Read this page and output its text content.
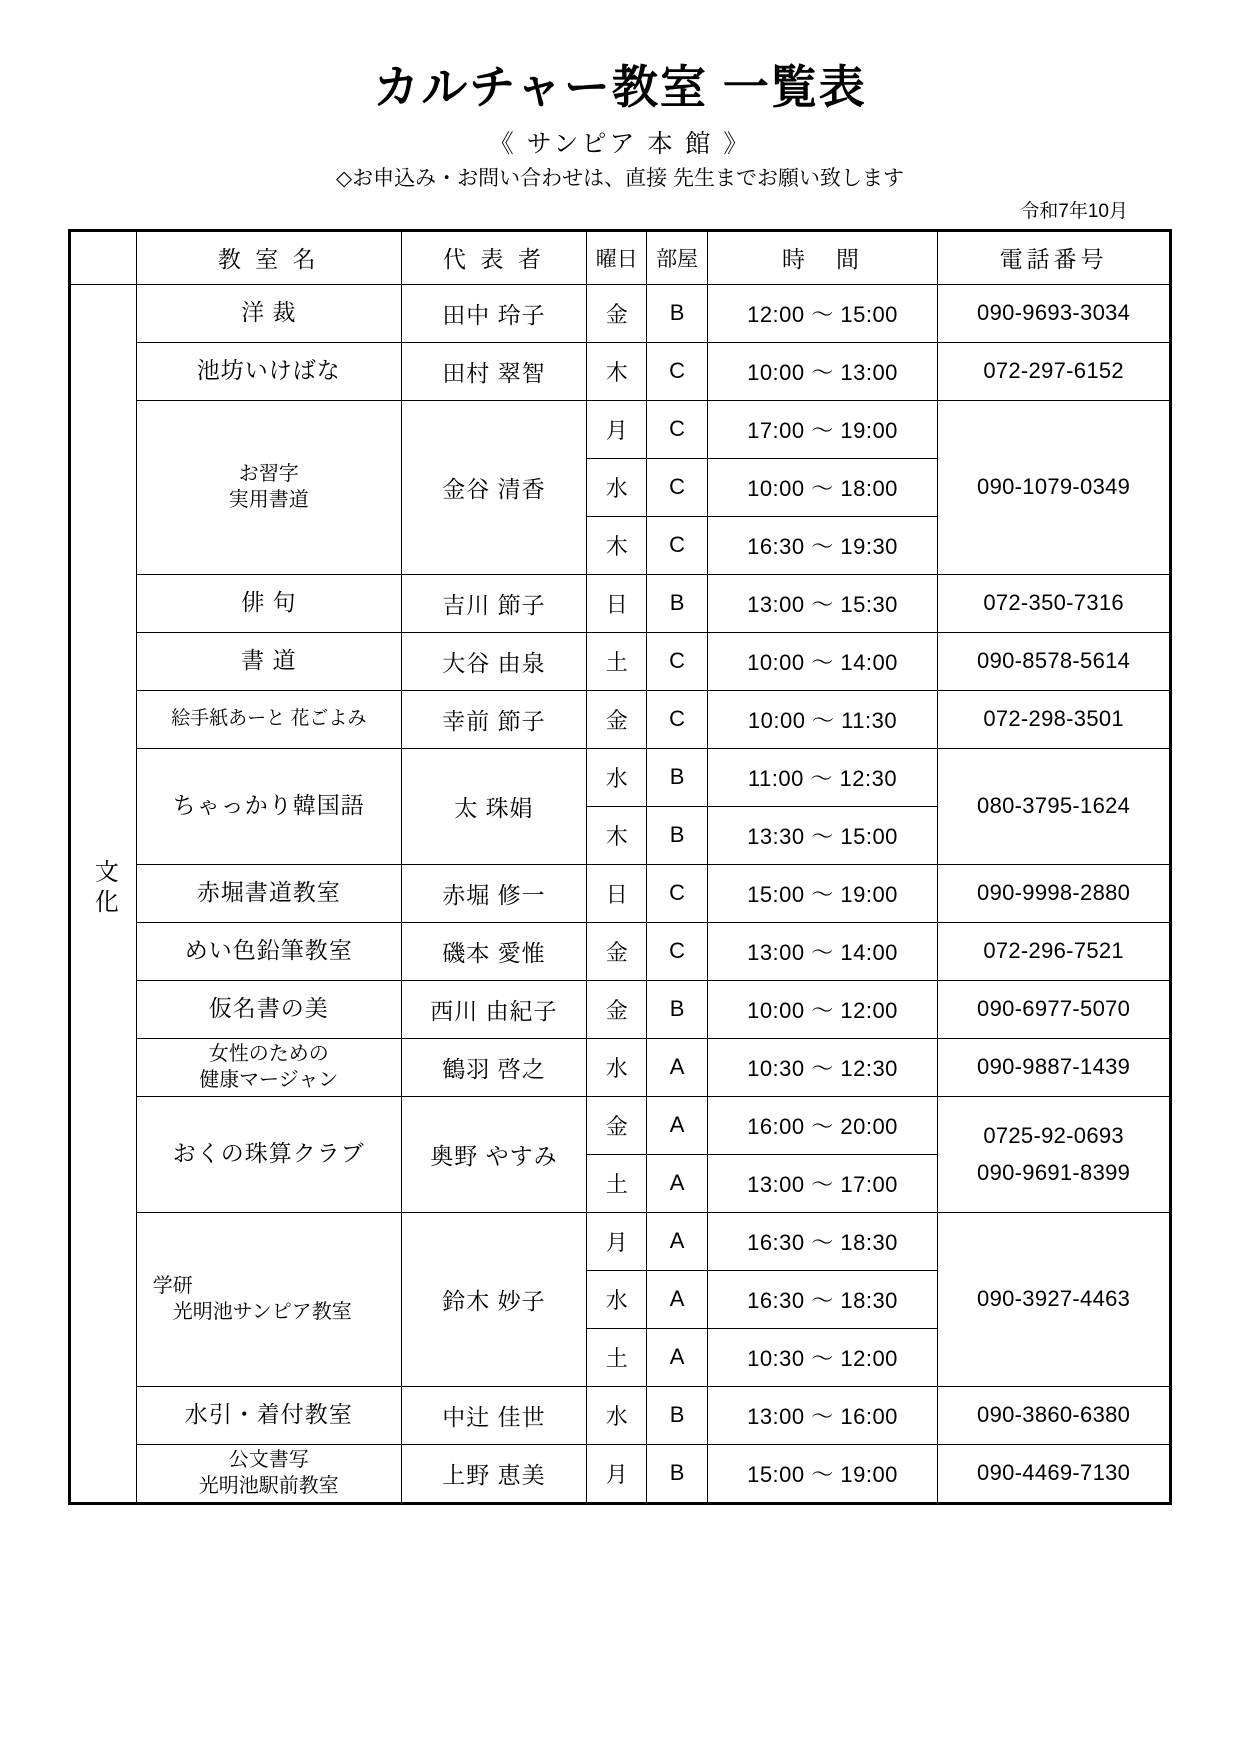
カルチャー教室 一覧表
《 サンピア 本 館 》
◇お申込み・お問い合わせは、直接 先生までお願い致します
令和7年10月
	教 室 名	代 表 者	曜日	部屋	時　間	電話番号
文化	洋 裁	田中 玲子	金	B	12:00 ～ 15:00	090-9693-3034

	池坊いけばな	田村 翠智	木	C	10:00 ～ 13:00	072-297-6152

	お習字
実用書道	金谷 清香	月	C	17:00 ～ 19:00	090-1079-0349

			水	C	10:00 ～ 18:00	
			木	C	16:30 ～ 19:30	
	俳 句	吉川 節子	日	B	13:00 ～ 15:30	072-350-7316

	書 道	大谷 由泉	土	C	10:00 ～ 14:00	090-8578-5614

	絵手紙あーと 花ごよみ	幸前 節子	金	C	10:00 ～ 11:30	072-298-3501

	ちゃっかり韓国語	太 珠娟	水	B	11:00 ～ 12:30	080-3795-1624

			木	B	13:30 ～ 15:00	
	赤堀書道教室	赤堀 修一	日	C	15:00 ～ 19:00	090-9998-2880

	めい色鉛筆教室	磯本 愛惟	金	C	13:00 ～ 14:00	072-296-7521

	仮名書の美	西川 由紀子	金	B	10:00 ～ 12:00	090-6977-5070

	女性のための
健康マージャン	鶴羽 啓之	水	A	10:30 ～ 12:30	090-9887-1439

	おくの珠算クラブ	奥野 やすみ	金	A	16:00 ～ 20:00	0725-92-0693
090-9691-8399

			土	A	13:00 ～ 17:00	
	学研
　光明池サンピア教室	鈴木 妙子	月	A	16:30 ～ 18:30	090-3927-4463

			水	A	16:30 ～ 18:30	
			土	A	10:30 ～ 12:00	
	水引・着付教室	中辻 佳世	水	B	13:00 ～ 16:00	090-3860-6380

	公文書写
光明池駅前教室	上野 恵美	月	B	15:00 ～ 19:00	090-4469-7130
